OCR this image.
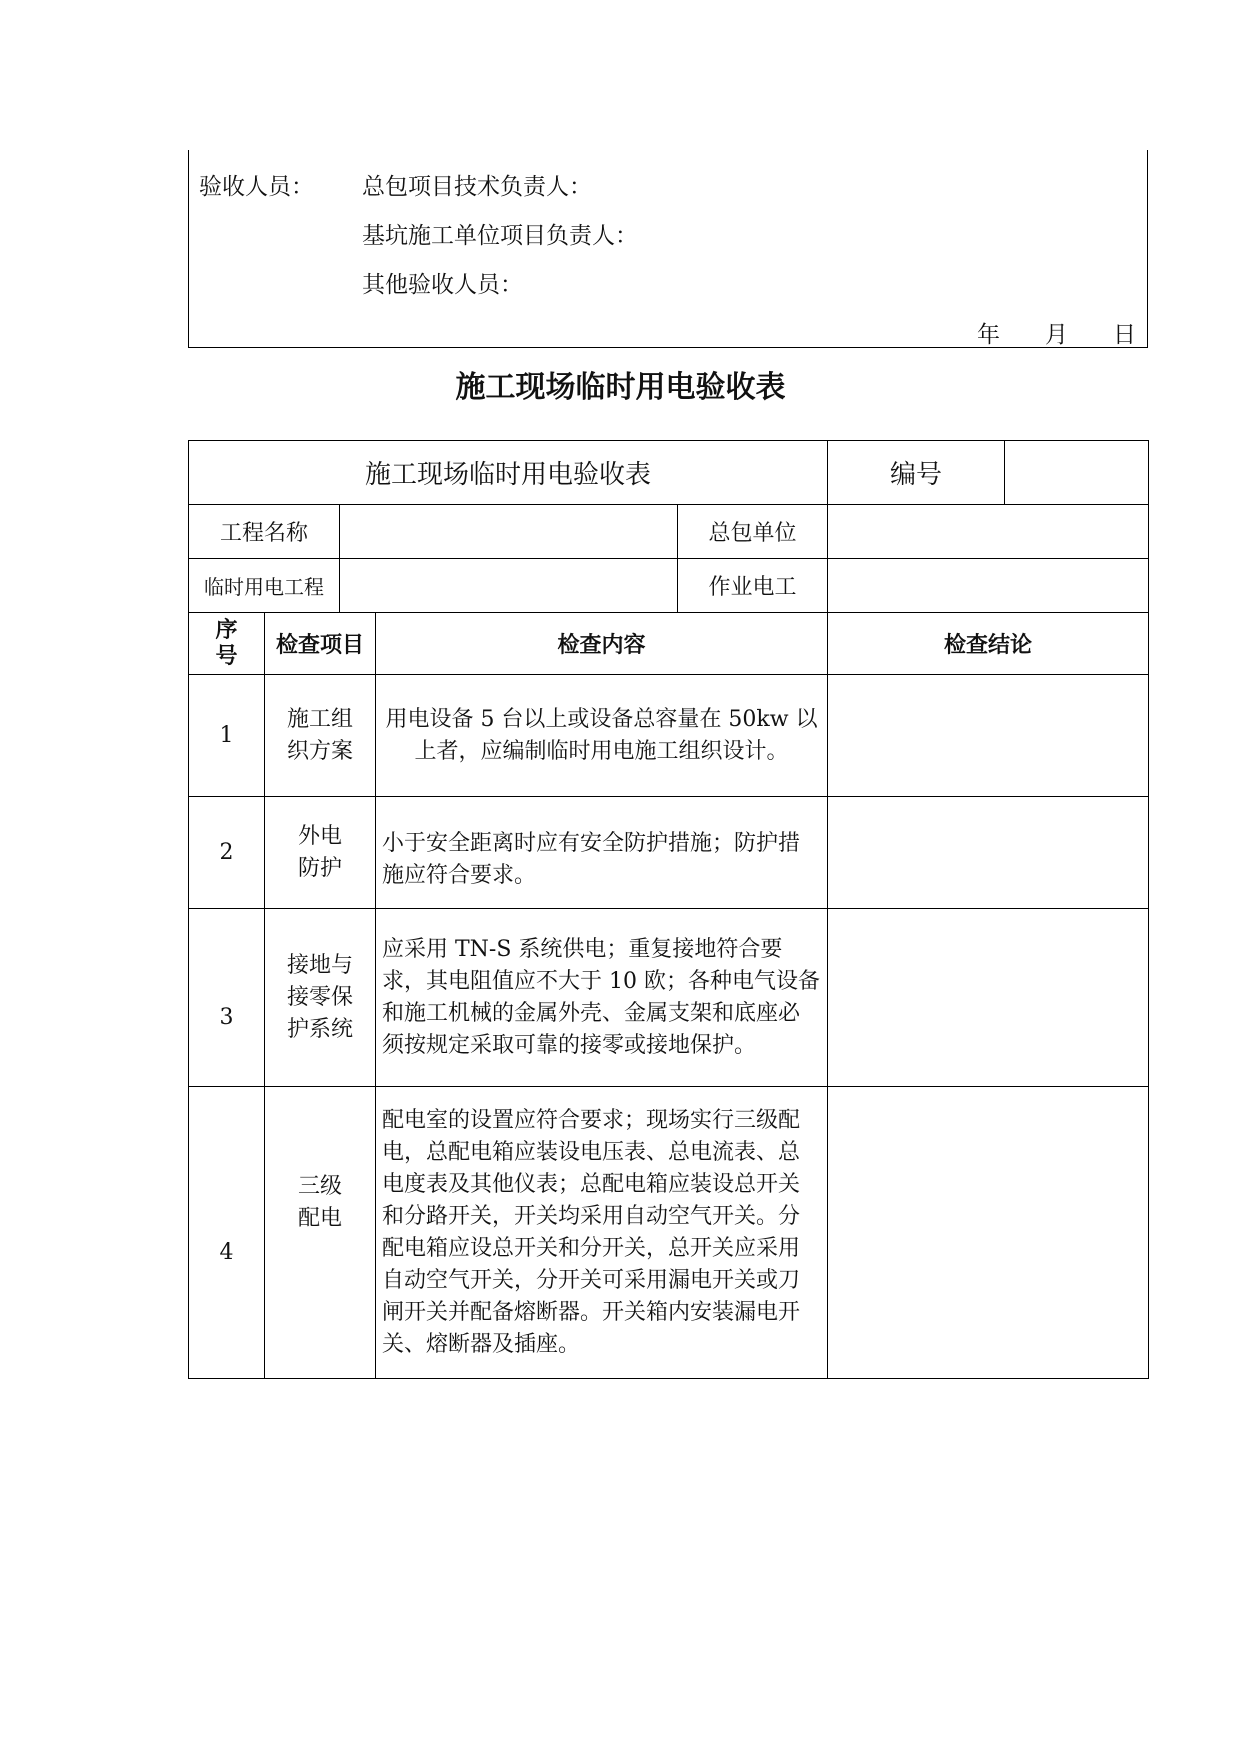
验收人员： 总包项目技术负责人：
基坑施工单位项目负责人：
其他验收人员：
年 月 日
施工现场临时用电验收表
施工现场临时用电验收表					编号	
工程名称				总包单位		
临时用电工程				作业电工		
序号	检查项目		检查内容		检查结论	
1	施工组织方案		用电设备 5 台以上或设备总容量在 50kw 以上者，应编制临时用电施工组织设计。			
2	外电防护		小于安全距离时应有安全防护措施；防护措施应符合要求。			
3	接地与接零保护系统		应采用 TN-S 系统供电；重复接地符合要求，其电阻值应不大于 10 欧；各种电气设备和施工机械的金属外壳、金属支架和底座必须按规定采取可靠的接零或接地保护。			
4	三级配电		配电室的设置应符合要求；现场实行三级配电，总配电箱应装设电压表、总电流表、总电度表及其他仪表；总配电箱应装设总开关和分路开关，开关均采用自动空气开关。分配电箱应设总开关和分开关，总开关应采用自动空气开关，分开关可采用漏电开关或刀闸开关并配备熔断器。开关箱内安装漏电开关、熔断器及插座。			
